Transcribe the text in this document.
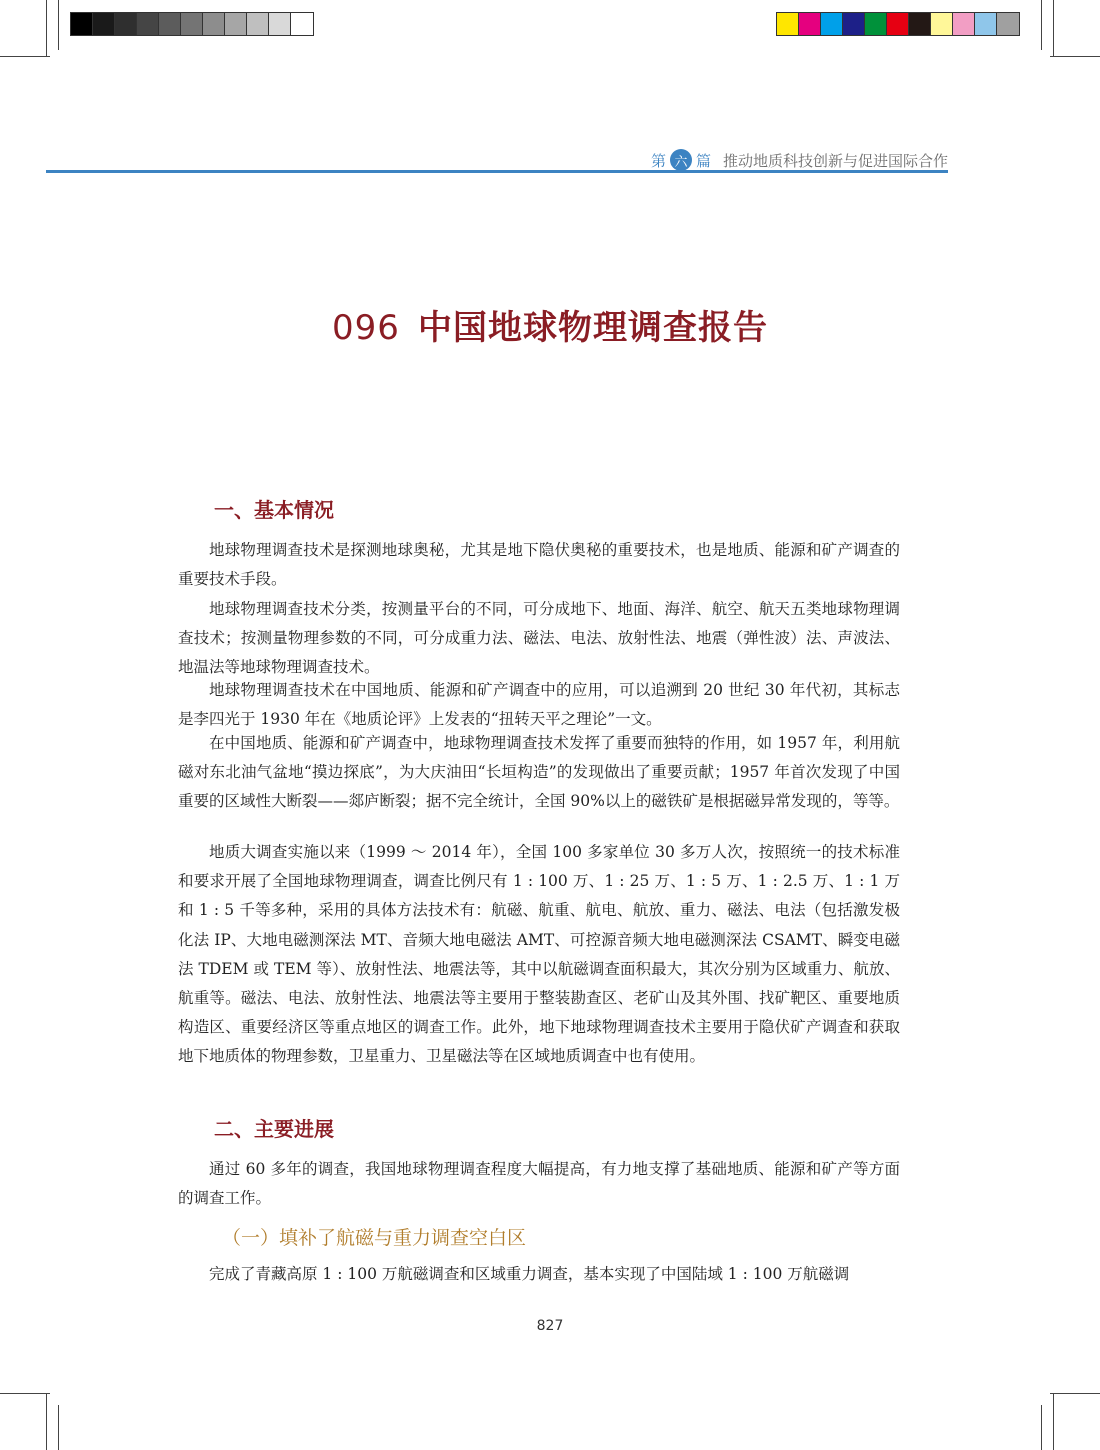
第 六 篇 推动地质科技创新与促进国际合作
096 中国地球物理调查报告
一、基本情况
地球物理调查技术是探测地球奥秘，尤其是地下隐伏奥秘的重要技术，也是地质、能源和矿产调查的重要技术手段。
地球物理调查技术分类，按测量平台的不同，可分成地下、地面、海洋、航空、航天五类地球物理调查技术；按测量物理参数的不同，可分成重力法、磁法、电法、放射性法、地震（弹性波）法、声波法、地温法等地球物理调查技术。
地球物理调查技术在中国地质、能源和矿产调查中的应用，可以追溯到 20 世纪 30 年代初，其标志是李四光于 1930 年在《地质论评》上发表的“扭转天平之理论”一文。
在中国地质、能源和矿产调查中，地球物理调查技术发挥了重要而独特的作用，如 1957 年，利用航磁对东北油气盆地“摸边探底”，为大庆油田“长垣构造”的发现做出了重要贡献；1957 年首次发现了中国重要的区域性大断裂——郯庐断裂；据不完全统计，全国 90%以上的磁铁矿是根据磁异常发现的，等等。
地质大调查实施以来（1999 ～ 2014 年），全国 100 多家单位 30 多万人次，按照统一的技术标准和要求开展了全国地球物理调查，调查比例尺有 1 : 100 万、1 : 25 万、1 : 5 万、1 : 2.5 万、1 : 1 万和 1 : 5 千等多种，采用的具体方法技术有：航磁、航重、航电、航放、重力、磁法、电法（包括激发极化法 IP、大地电磁测深法 MT、音频大地电磁法 AMT、可控源音频大地电磁测深法 CSAMT、瞬变电磁法 TDEM 或 TEM 等）、放射性法、地震法等，其中以航磁调查面积最大，其次分别为区域重力、航放、航重等。磁法、电法、放射性法、地震法等主要用于整装勘查区、老矿山及其外围、找矿靶区、重要地质构造区、重要经济区等重点地区的调查工作。此外，地下地球物理调查技术主要用于隐伏矿产调查和获取地下地质体的物理参数，卫星重力、卫星磁法等在区域地质调查中也有使用。
二、主要进展
通过 60 多年的调查，我国地球物理调查程度大幅提高，有力地支撑了基础地质、能源和矿产等方面的调查工作。
（一）填补了航磁与重力调查空白区
完成了青藏高原 1 : 100 万航磁调查和区域重力调查，基本实现了中国陆域 1 : 100 万航磁调
827
